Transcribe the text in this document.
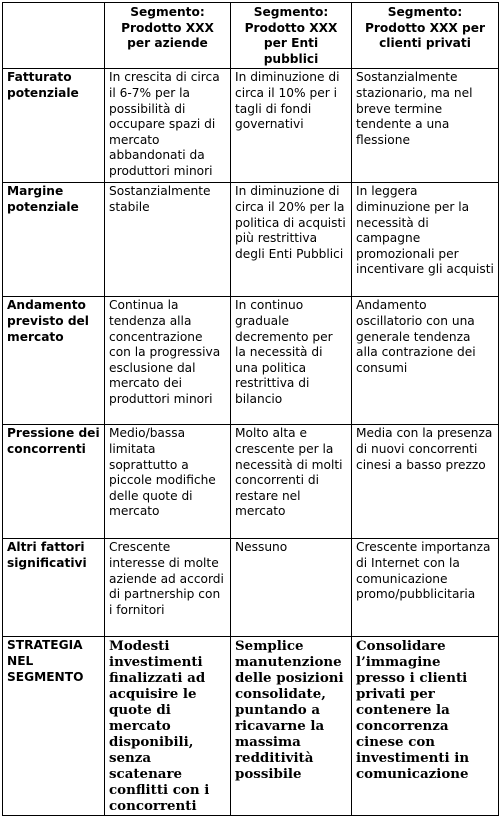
	Segmento: Prodotto XXX per aziende	Segmento: Prodotto XXX per Enti pubblici	Segmento: Prodotto XXX per clienti privati
Fatturato potenziale	In crescita di circa il 6-7% per la possibilità di occupare spazi di mercato abbandonati da produttori minori	In diminuzione di circa il 10% per i tagli di fondi governativi	Sostanzialmente stazionario, ma nel breve termine tendente a una flessione
Margine potenziale	Sostanzialmente stabile	In diminuzione di circa il 20% per la politica di acquisti più restrittiva degli Enti Pubblici	In leggera diminuzione per la necessità di campagne promozionali per incentivare gli acquisti
Andamento previsto del mercato	Continua la tendenza alla concentrazione con la progressiva esclusione dal mercato dei produttori minori	In continuo graduale decremento per la necessità di una politica restrittiva di bilancio	Andamento oscillatorio con una generale tendenza alla contrazione dei consumi
Pressione dei concorrenti	Medio/bassa limitata soprattutto a piccole modifiche delle quote di mercato	Molto alta e crescente per la necessità di molti concorrenti di restare nel mercato	Media con la presenza di nuovi concorrenti cinesi a basso prezzo
Altri fattori significativi	Crescente interesse di molte aziende ad accordi di partnership con i fornitori	Nessuno	Crescente importanza di Internet con la comunicazione promo/pubblicitaria
STRATEGIA NEL SEGMENTO	Modesti investimenti finalizzati ad acquisire le quote di mercato disponibili, senza scatenare conflitti con i concorrenti	Semplice manutenzione delle posizioni consolidate, puntando a ricavarne la massima redditività possibile	Consolidare l’immagine presso i clienti privati per contenere la concorrenza cinese con investimenti in comunicazione
